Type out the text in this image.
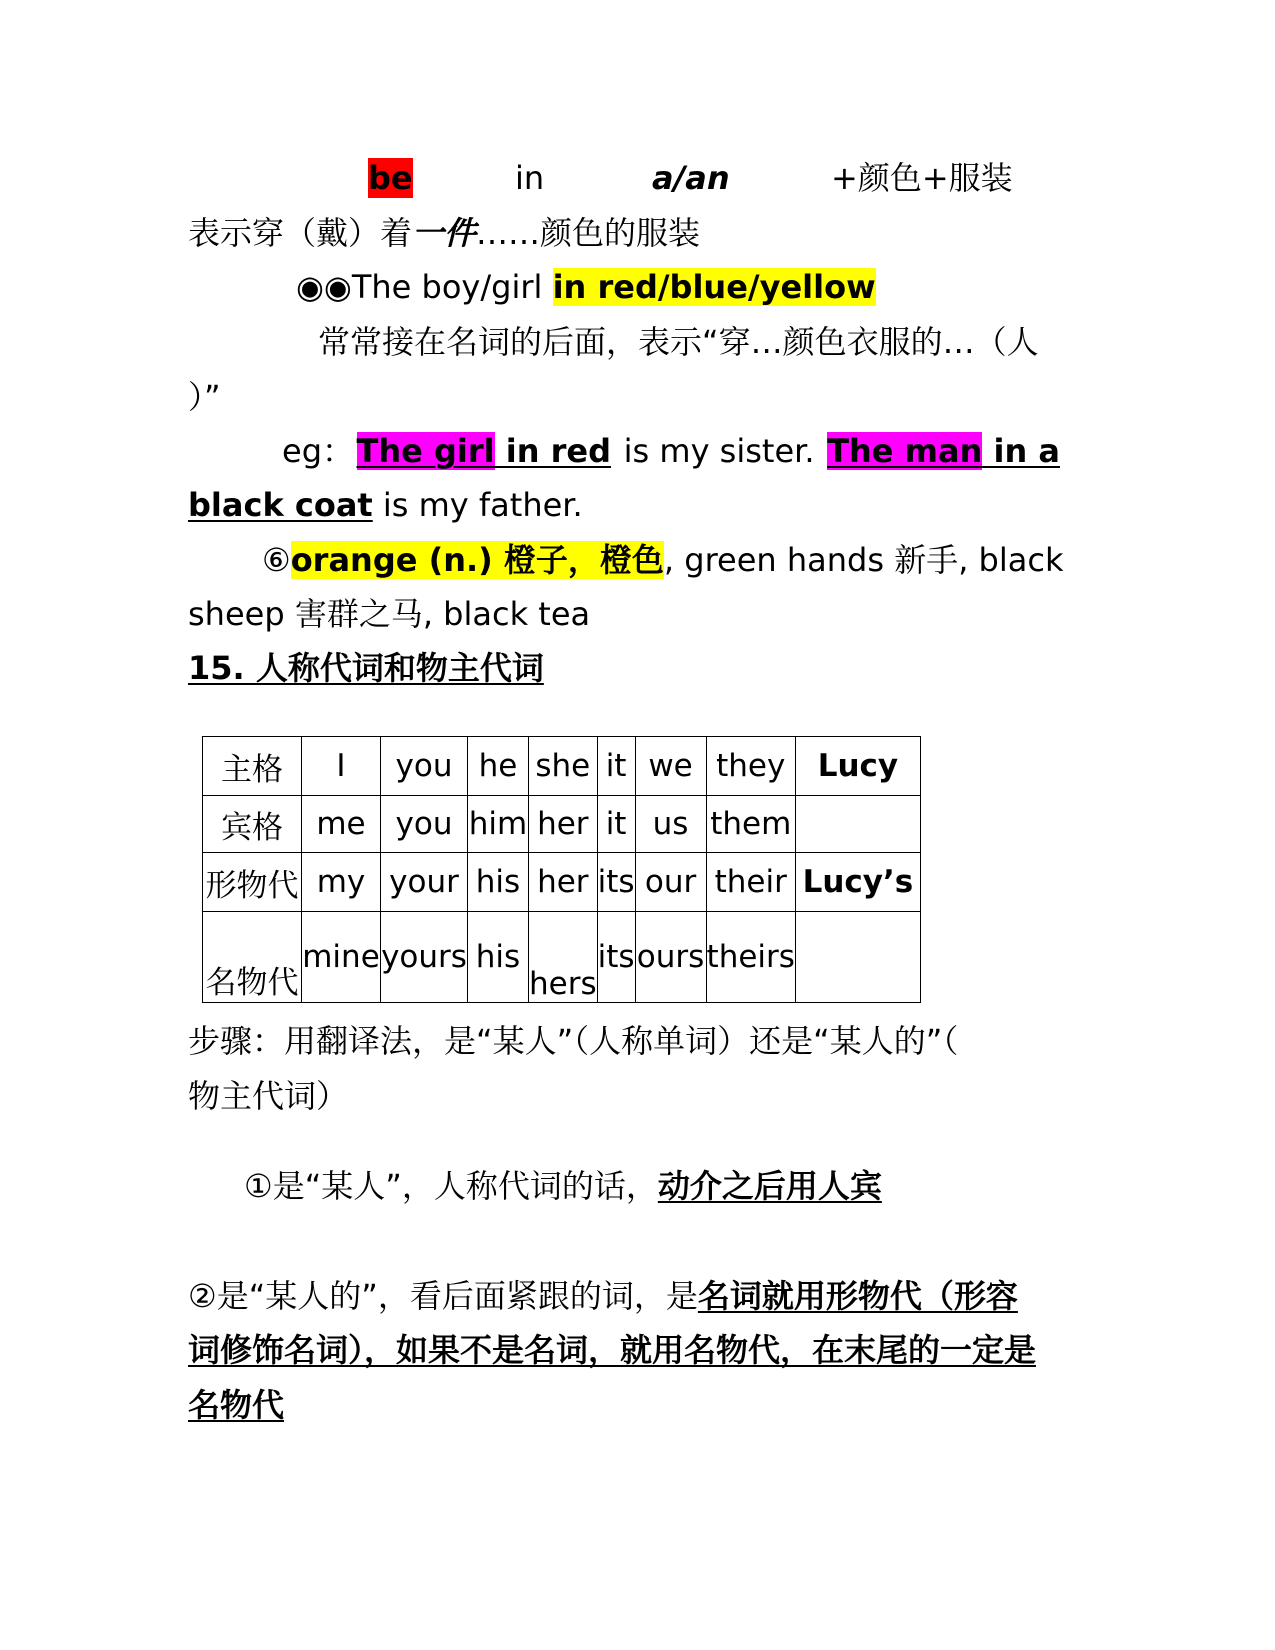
be	in	a/an	+颜色+服装
表示穿（戴）着一件……颜色的服装
◉◉The boy/girl in red/blue/yellow
常常接在名词的后面，表示“穿…颜色衣服的…（人
）”
eg： The girl in red is my sister. The man in a
black coat is my father.
⑥orange (n.) 橙子，橙色, green hands 新手, black
sheep 害群之马, black tea
15. 人称代词和物主代词
主格	I	you	he	she	it	we	they	Lucy
宾格	me	you	him	her	it	us	them	
形物代	my	your	his	her	its	our	their	Lucy’s
名物代	mine	yours	his	hers	its	ours	theirs	
步骤：用翻译法，是“某人”（人称单词）还是“某人的”（
物主代词）
①是“某人”，人称代词的话，动介之后用人宾
②是“某人的”，看后面紧跟的词，是名词就用形物代（形容
词修饰名词），如果不是名词，就用名物代，在末尾的一定是
名物代
